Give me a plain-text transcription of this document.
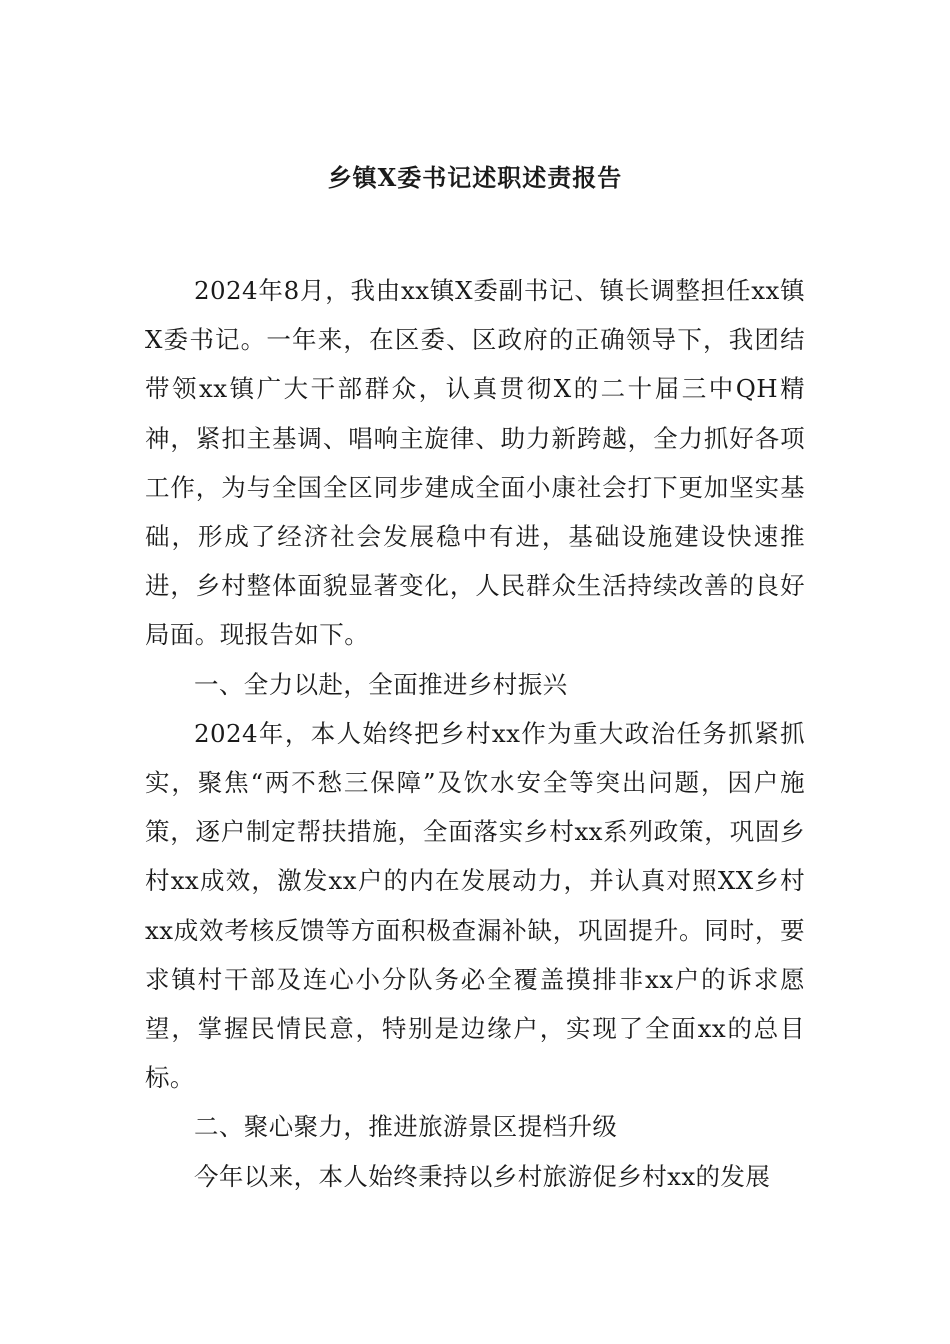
乡镇X委书记述职述责报告

2024年8月，我由xx镇X委副书记、镇长调整担任xx镇X委书记。一年来，在区委、区政府的正确领导下，我团结带领xx镇广大干部群众，认真贯彻X的二十届三中QH精神，紧扣主基调、唱响主旋律、助力新跨越，全力抓好各项工作，为与全国全区同步建成全面小康社会打下更加坚实基础，形成了经济社会发展稳中有进，基础设施建设快速推进，乡村整体面貌显著变化，人民群众生活持续改善的良好局面。现报告如下。

一、全力以赴，全面推进乡村振兴

2024年，本人始终把乡村xx作为重大政治任务抓紧抓实，聚焦“两不愁三保障”及饮水安全等突出问题，因户施策，逐户制定帮扶措施，全面落实乡村xx系列政策，巩固乡村xx成效，激发xx户的内在发展动力，并认真对照XX乡村xx成效考核反馈等方面积极查漏补缺，巩固提升。同时，要求镇村干部及连心小分队务必全覆盖摸排非xx户的诉求愿望，掌握民情民意，特别是边缘户，实现了全面xx的总目标。

二、聚心聚力，推进旅游景区提档升级

今年以来，本人始终秉持以乡村旅游促乡村xx的发展
